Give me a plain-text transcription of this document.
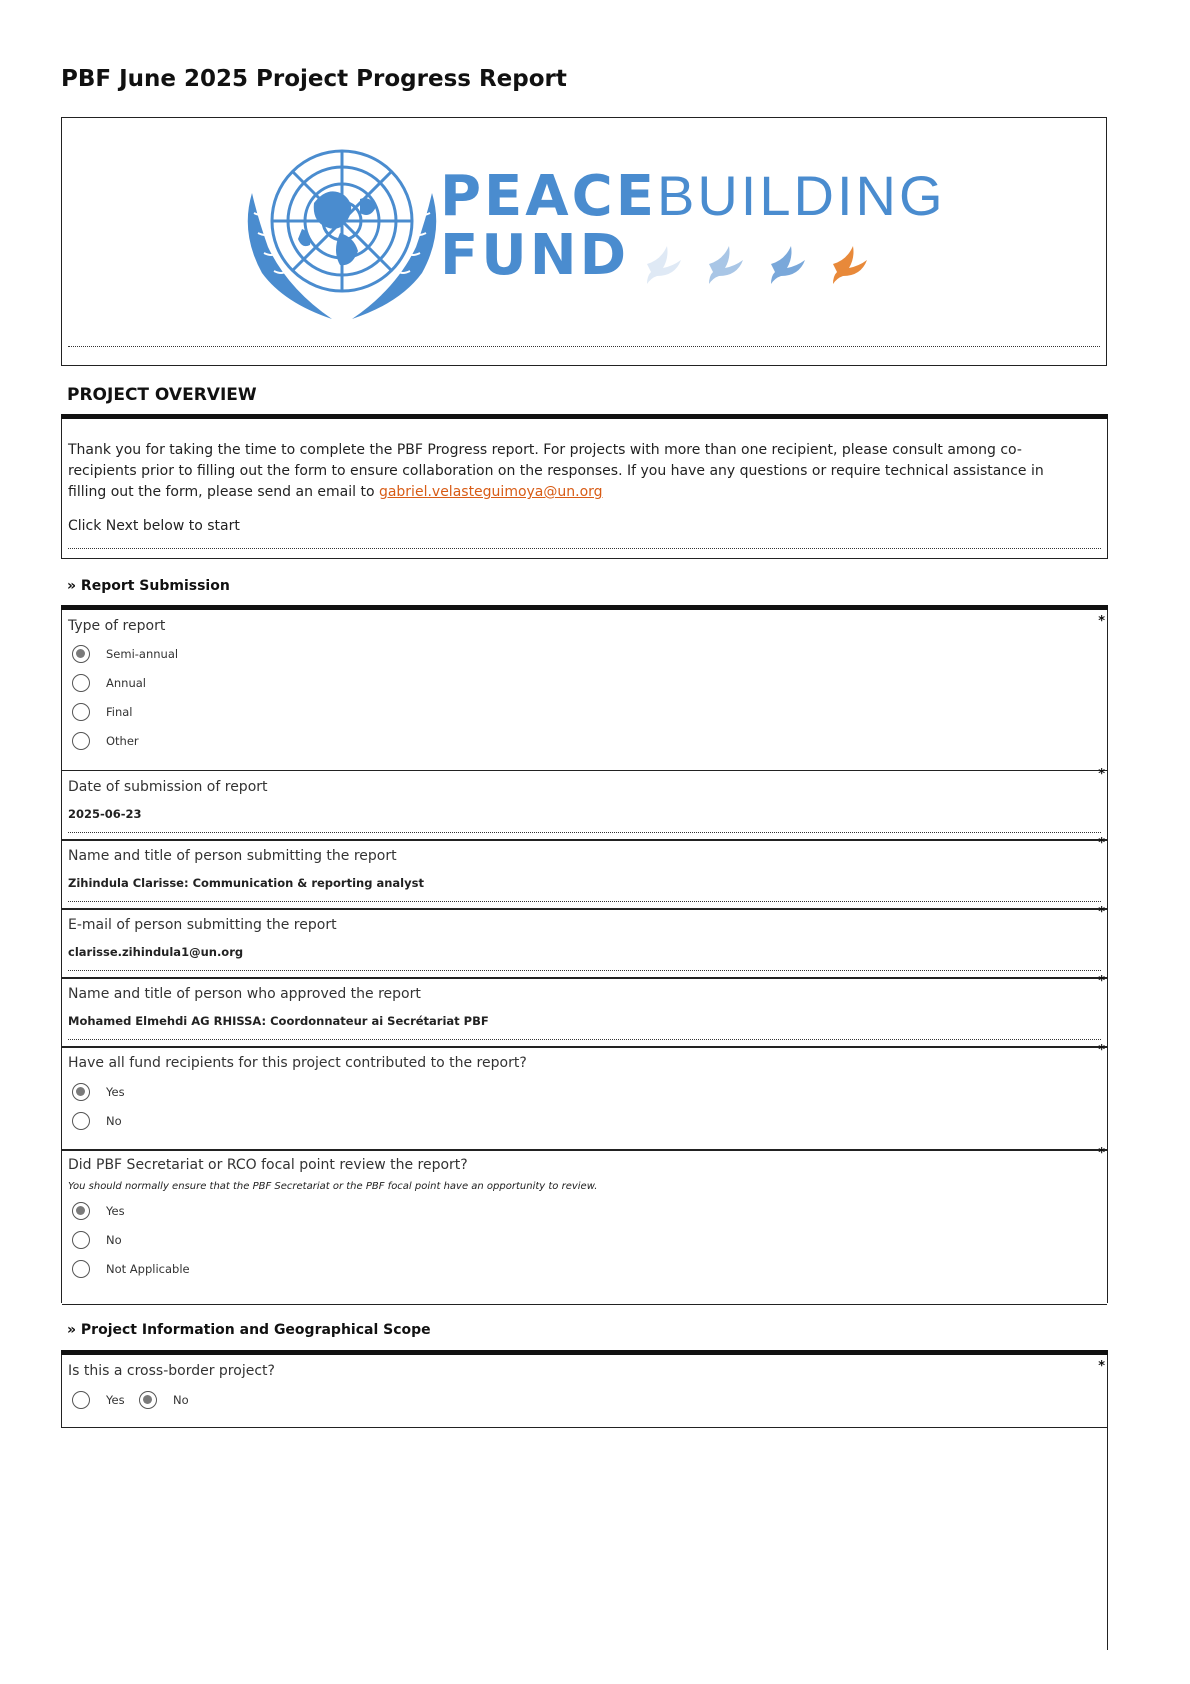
PBF June 2025 Project Progress Report
PEACEBUILDING
FUND
PROJECT OVERVIEW
Thank you for taking the time to complete the PBF Progress report. For projects with more than one recipient, please consult among co-recipients prior to filling out the form to ensure collaboration on the responses. If you have any questions or require technical assistance in filling out the form, please send an email to gabriel.velasteguimoya@un.org
Click Next below to start
» Report Submission
*
Type of report
Semi-annual
Annual
Final
Other
*
Date of submission of report
2025-06-23
*
Name and title of person submitting the report
Zihindula Clarisse: Communication & reporting analyst
*
E-mail of person submitting the report
clarisse.zihindula1@un.org
*
Name and title of person who approved the report
Mohamed Elmehdi AG RHISSA: Coordonnateur ai Secrétariat PBF
*
Have all fund recipients for this project contributed to the report?
Yes
No
*
Did PBF Secretariat or RCO focal point review the report?
You should normally ensure that the PBF Secretariat or the PBF focal point have an opportunity to review.
Yes
No
Not Applicable
» Project Information and Geographical Scope
*
Is this a cross-border project?
Yes	No
